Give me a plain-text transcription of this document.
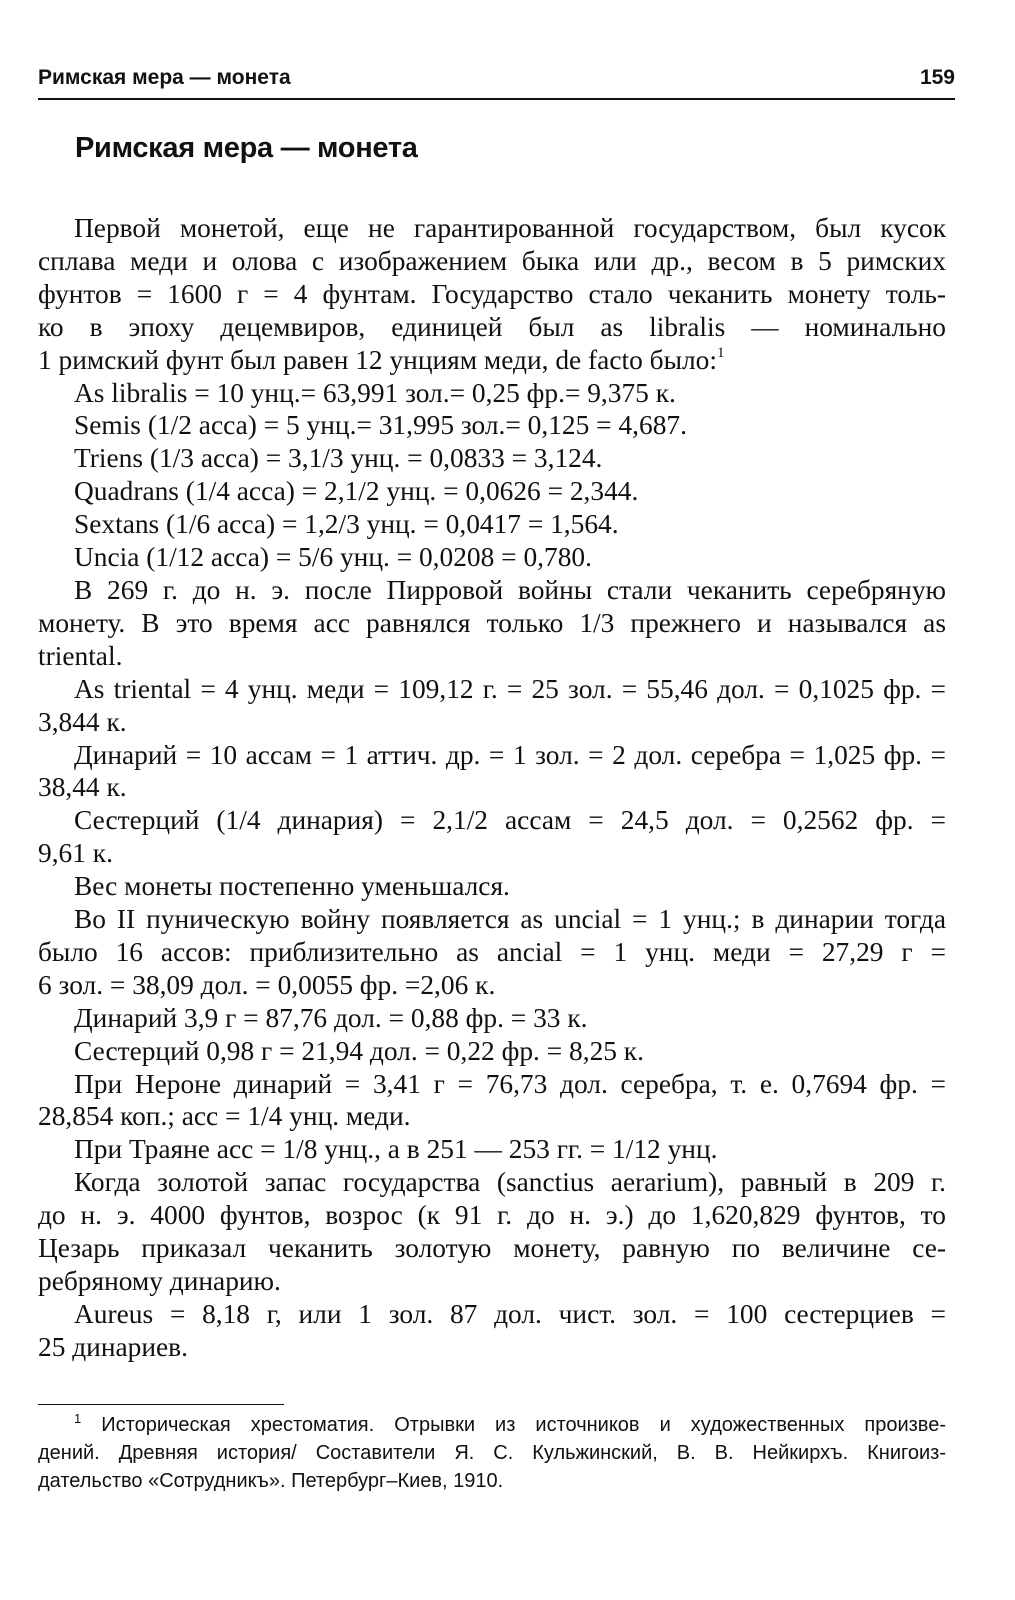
Римская мера — монета	159
Римская мера — монета

Первой монетой, еще не гарантированной государством, был кусок

сплава меди и олова с изображением быка или др., весом в 5 римских

фунтов = 1600 г = 4 фунтам. Государство стало чеканить монету толь-

ко в эпоху децемвиров, единицей был as libralis — номинально

1 римский фунт был равен 12 унциям меди, de facto было:$^1$

As libralis = 10 унц.= 63,991 зол.= 0,25 фр.= 9,375 к.

Semis (1/2 асса) = 5 унц.= 31,995 зол.= 0,125 = 4,687.

Triens (1/3 асса) = 3,1/3 унц. = 0,0833 = 3,124.

Quadrans (1/4 асса) = 2,1/2 унц. = 0,0626 = 2,344.

Sextans (1/6 асса) = 1,2/3 унц. = 0,0417 = 1,564.

Uncia (1/12 асса) = 5/6 унц. = 0,0208 = 0,780.

В 269 г. до н. э. после Пирровой войны стали чеканить серебряную

монету. В это время асс равнялся только 1/3 прежнего и назывался as

triental.

As triental = 4 унц. меди = 109,12 г. = 25 зол. = 55,46 дол. = 0,1025 фр. =

3,844 к.

Динарий = 10 ассам = 1 аттич. др. = 1 зол. = 2 дол. серебра = 1,025 фр. =

38,44 к.

Сестерций (1/4 динария) = 2,1/2 ассам = 24,5 дол. = 0,2562 фр. =

9,61 к.

Вес монеты постепенно уменьшался.

Во II пуническую войну появляется as uncial = 1 унц.; в динарии тогда

было 16 ассов: приблизительно as ancial = 1 унц. меди = 27,29 г =

6 зол. = 38,09 дол. = 0,0055 фр. =2,06 к.

Динарий 3,9 г = 87,76 дол. = 0,88 фр. = 33 к.

Сестерций 0,98 г = 21,94 дол. = 0,22 фр. = 8,25 к.

При Нероне динарий = 3,41 г = 76,73 дол. серебра, т. е. 0,7694 фр. =

28,854 коп.; асс = 1/4 унц. меди.

При Траяне асс = 1/8 унц., а в 251 — 253 гг. = 1/12 унц.

Когда золотой запас государства (sanctius aerarium), равный в 209 г.

до н. э. 4000 фунтов, возрос (к 91 г. до н. э.) до 1,620,829 фунтов, то

Цезарь приказал чеканить золотую монету, равную по величине се-

ребряному динарию.

Aureus = 8,18 г, или 1 зол. 87 дол. чист. зол. = 100 сестерциев =

25 динариев.

$^1$ Историческая хрестоматия. Отрывки из источников и художественных произве-

дений. Древняя история/ Составители Я. С. Кульжинский, В. В. Нейкирхъ. Книгоиз-

дательство «Сотрудникъ». Петербург–Киев, 1910.
